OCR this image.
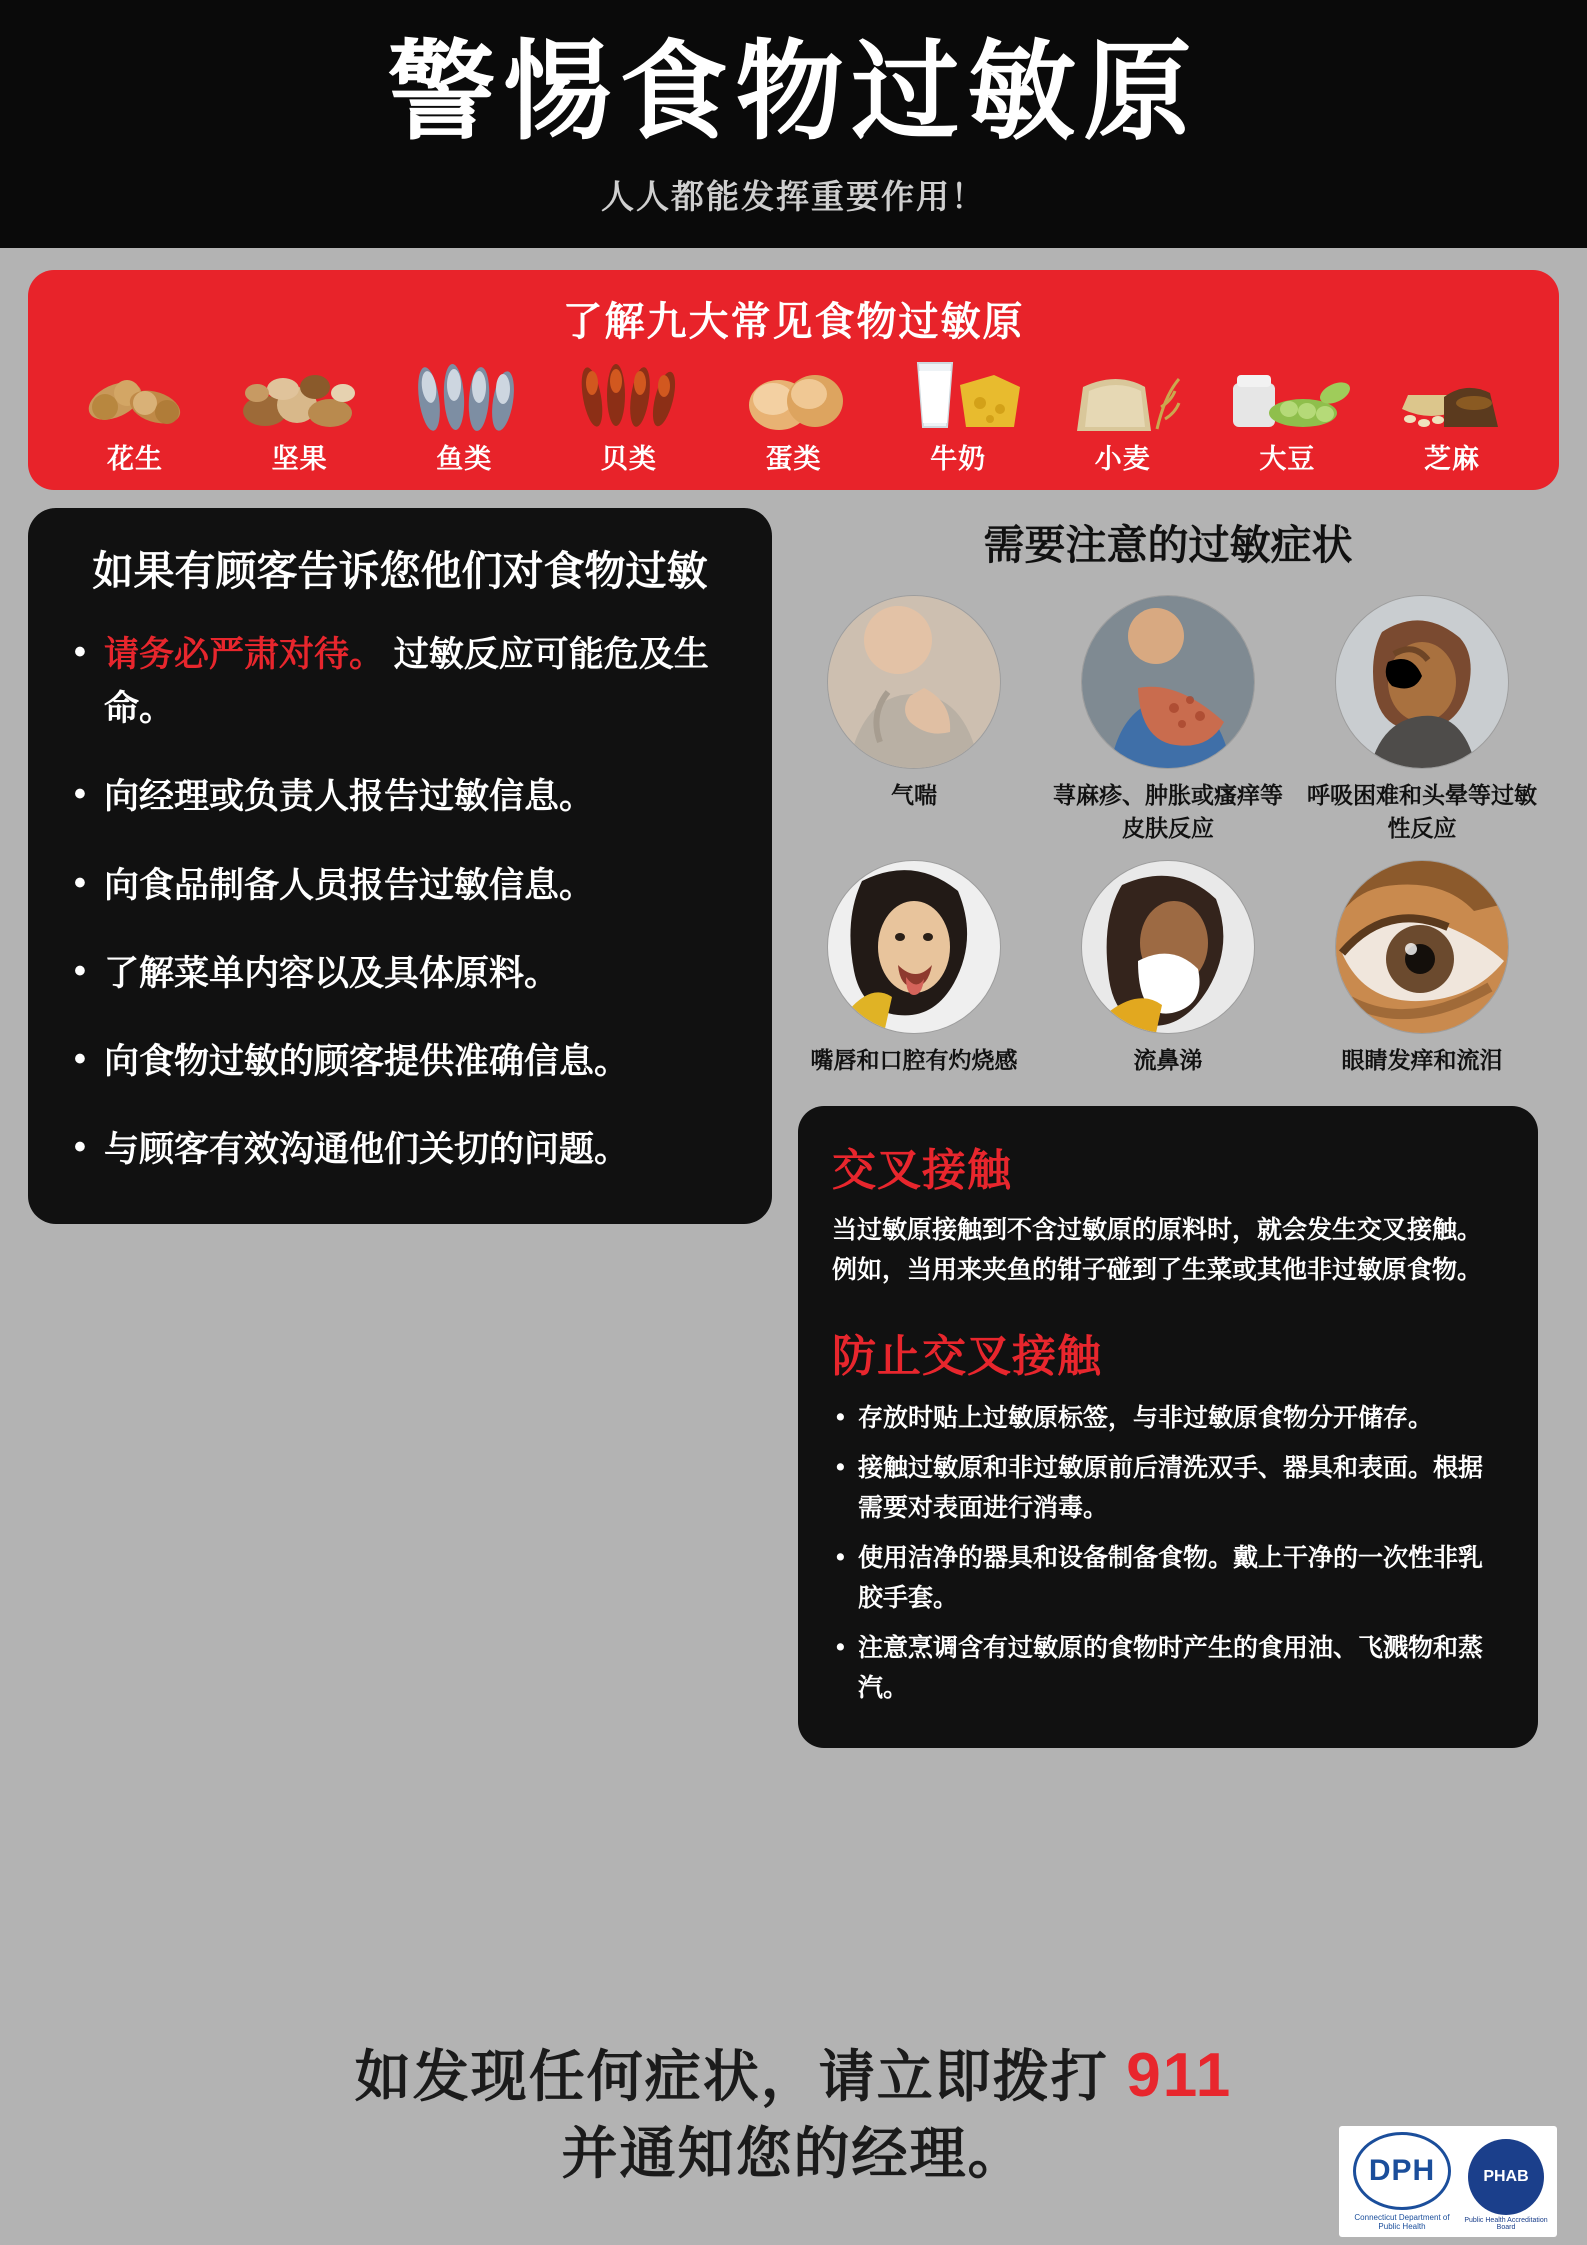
警惕食物过敏原
人人都能发挥重要作用！
了解九大常见食物过敏原
花生	坚果	鱼类	贝类	蛋类	牛奶	小麦	大豆	芝麻
如果有顾客告诉您他们对食物过敏
• 请务必严肃对待。 过敏反应可能危及生命。
• 向经理或负责人报告过敏信息。
• 向食品制备人员报告过敏信息。
• 了解菜单内容以及具体原料。
• 向食物过敏的顾客提供准确信息。
• 与顾客有效沟通他们关切的问题。
需要注意的过敏症状
气喘	荨麻疹、肿胀或瘙痒等皮肤反应
呼吸困难和头晕等过敏性反应
嘴唇和口腔有灼烧感	流鼻涕	眼睛发痒和流泪
交叉接触
当过敏原接触到不含过敏原的原料时，就会发生交叉接触。例如，当用来夹鱼的钳子碰到了生菜或其他非过敏原食物。
防止交叉接触
• 存放时贴上过敏原标签，与非过敏原食物分开储存。
• 接触过敏原和非过敏原前后清洗双手、器具和表面。根据需要对表面进行消毒。
• 使用洁净的器具和设备制备食物。戴上干净的一次性非乳胶手套。
• 注意烹调含有过敏原的食物时产生的食用油、飞溅物和蒸汽。
如发现任何症状，请立即拨打 911
并通知您的经理。	DPH
Connecticut Department of Public Health
PHAB
Public Health Accreditation Board
